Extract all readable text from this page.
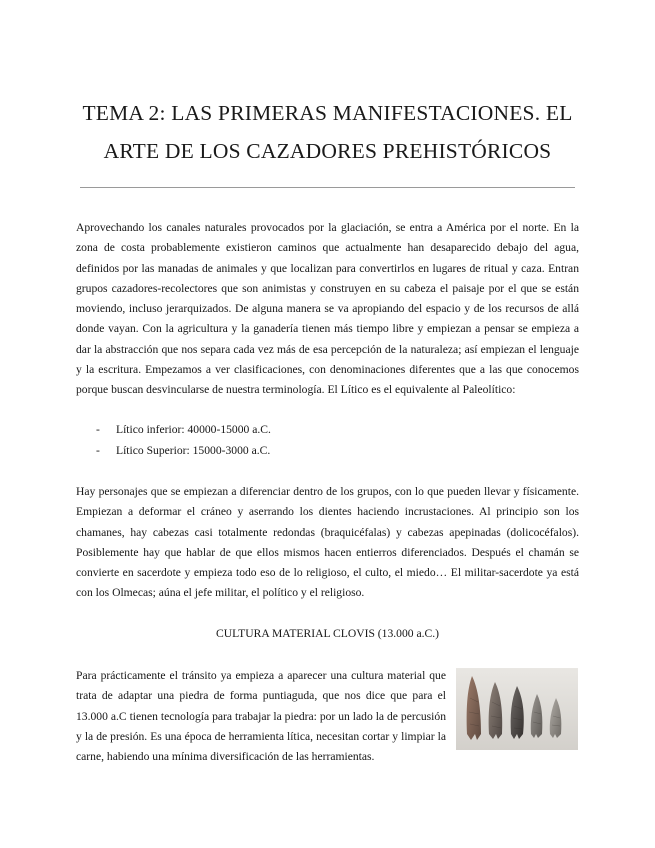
TEMA 2: LAS PRIMERAS MANIFESTACIONES. EL
ARTE DE LOS CAZADORES PREHISTÓRICOS
Aprovechando los canales naturales provocados por la glaciación, se entra a América por el norte. En la zona de costa probablemente existieron caminos que actualmente han desaparecido debajo del agua, definidos por las manadas de animales y que localizan para convertirlos en lugares de ritual y caza. Entran grupos cazadores-recolectores que son animistas y construyen en su cabeza el paisaje por el que se están moviendo, incluso jerarquizados. De alguna manera se va apropiando del espacio y de los recursos de allá donde vayan. Con la agricultura y la ganadería tienen más tiempo libre y empiezan a pensar se empieza a dar la abstracción que nos separa cada vez más de esa percepción de la naturaleza; así empiezan el lenguaje y la escritura. Empezamos a ver clasificaciones, con denominaciones diferentes que a las que conocemos porque buscan desvincularse de nuestra terminología. El Lítico es el equivalente al Paleolítico:
- Lítico inferior: 40000-15000 a.C.
- Lítico Superior: 15000-3000 a.C.
Hay personajes que se empiezan a diferenciar dentro de los grupos, con lo que pueden llevar y físicamente. Empiezan a deformar el cráneo y aserrando los dientes haciendo incrustaciones. Al principio son los chamanes, hay cabezas casi totalmente redondas (braquicéfalas) y cabezas apepinadas (dolicocéfalos). Posiblemente hay que hablar de que ellos mismos hacen entierros diferenciados. Después el chamán se convierte en sacerdote y empieza todo eso de lo religioso, el culto, el miedo… El militar-sacerdote ya está con los Olmecas; aúna el jefe militar, el político y el religioso.
CULTURA MATERIAL CLOVIS (13.000 a.C.)
Para prácticamente el tránsito ya empieza a aparecer una cultura material que trata de adaptar una piedra de forma puntiaguda, que nos dice que para el 13.000 a.C tienen tecnología para trabajar la piedra: por un lado la de percusión y la de presión. Es una época de herramienta lítica, necesitan cortar y limpiar la carne, habiendo una mínima diversificación de las herramientas.
